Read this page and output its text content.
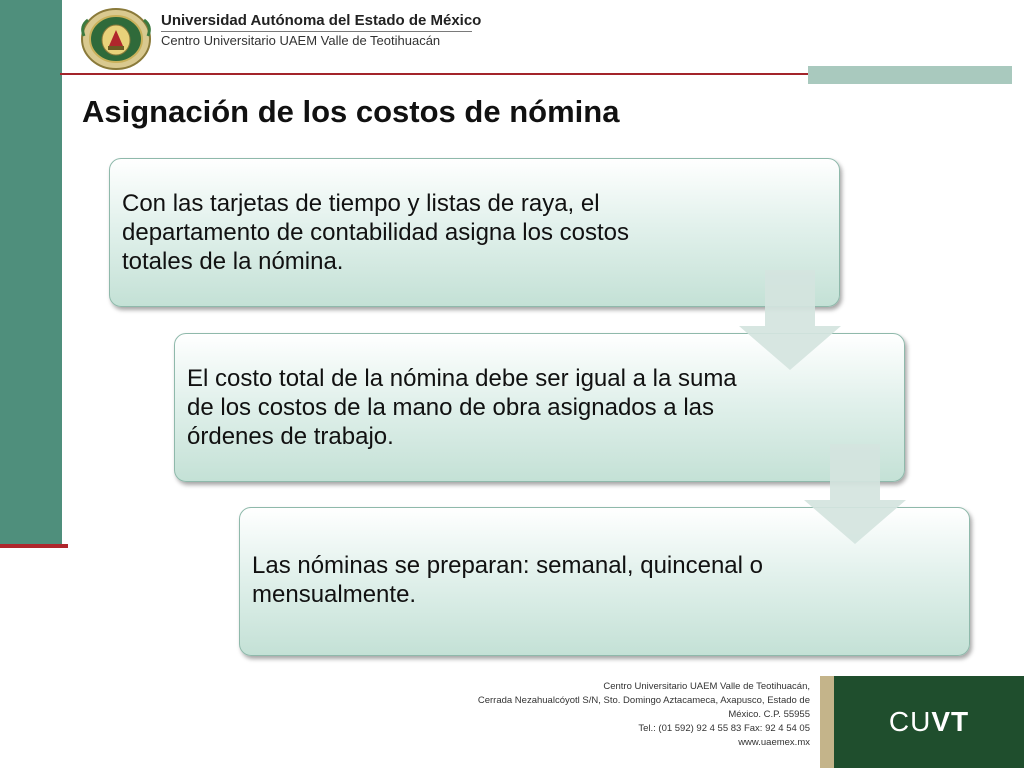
Universidad Autónoma del Estado de México
Centro Universitario UAEM Valle de Teotihuacán
Asignación de los costos de nómina
Con las tarjetas de tiempo y listas de raya, el departamento de contabilidad asigna los costos totales de la nómina.
El costo total de la nómina debe ser igual a la suma de los costos de la mano de obra asignados a las órdenes de trabajo.
Las nóminas se preparan: semanal, quincenal o mensualmente.
Centro Universitario UAEM Valle de Teotihuacán,
Cerrada Nezahualcóyotl S/N, Sto. Domingo Aztacameca, Axapusco, Estado de
México. C.P. 55955
Tel.: (01 592) 92 4 55 83 Fax: 92 4 54 05
www.uaemex.mx
CU VT
